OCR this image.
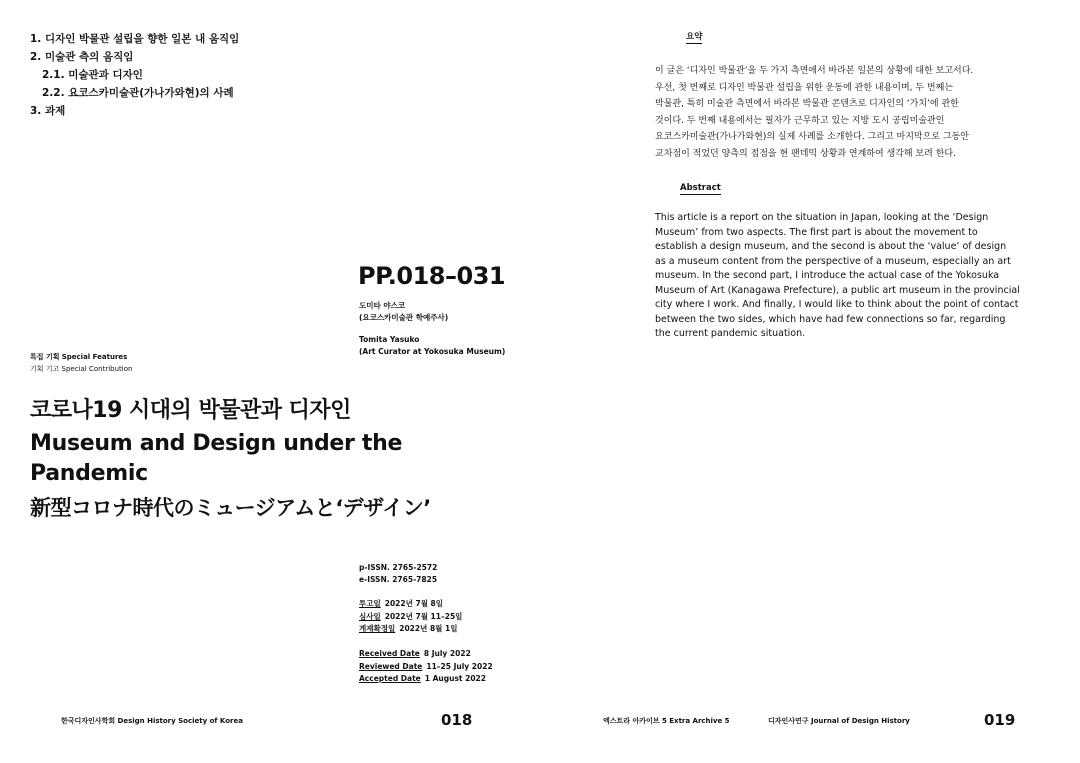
1. 디자인 박물관 설립을 향한 일본 내 움직임
2. 미술관 측의 움직임
2.1. 미술관과 디자인
2.2. 요코스카미술관(가나가와현)의 사례
3. 과제
PP.018–031
도미타 야스코
(요코스카미술관 학예주사)
Tomita Yasuko
(Art Curator at Yokosuka Museum)
특집 기획 Special Features
기획 기고 Special Contribution
코로나19 시대의 박물관과 디자인
Museum and Design under the Pandemic
新型コロナ時代のミュージアムと‘デザイン’
p-ISSN. 2765-2572
e-ISSN. 2765-7825
투고일 2022년 7월 8일
심사일 2022년 7월 11–25일
게재확정일 2022년 8월 1일
Received Date 8 July 2022
Reviewed Date 11–25 July 2022
Accepted Date 1 August 2022
요약
이 글은 ‘디자인 박물관’을 두 가지 측면에서 바라본 일본의 상황에 대한 보고서다.
우선, 첫 번째로 디자인 박물관 설립을 위한 운동에 관한 내용이며, 두 번째는
박물관, 특히 미술관 측면에서 바라본 박물관 콘텐츠로 디자인의 ‘가치’에 관한
것이다. 두 번째 내용에서는 필자가 근무하고 있는 지방 도시 공립미술관인
요코스카미술관(가나가와현)의 실제 사례를 소개한다. 그리고 마지막으로 그동안
교차점이 적었던 양측의 접점을 현 팬데믹 상황과 연계하여 생각해 보려 한다.
Abstract
This article is a report on the situation in Japan, looking at the ‘Design
Museum’ from two aspects. The first part is about the movement to
establish a design museum, and the second is about the ‘value’ of design
as a museum content from the perspective of a museum, especially an art
museum. In the second part, I introduce the actual case of the Yokosuka
Museum of Art (Kanagawa Prefecture), a public art museum in the provincial
city where I work. And finally, I would like to think about the point of contact
between the two sides, which have had few connections so far, regarding
the current pandemic situation.
한국디자인사학회 Design History Society of Korea	018	엑스트라 아카이브 5 Extra Archive 5	디자인사연구 Journal of Design History	019
